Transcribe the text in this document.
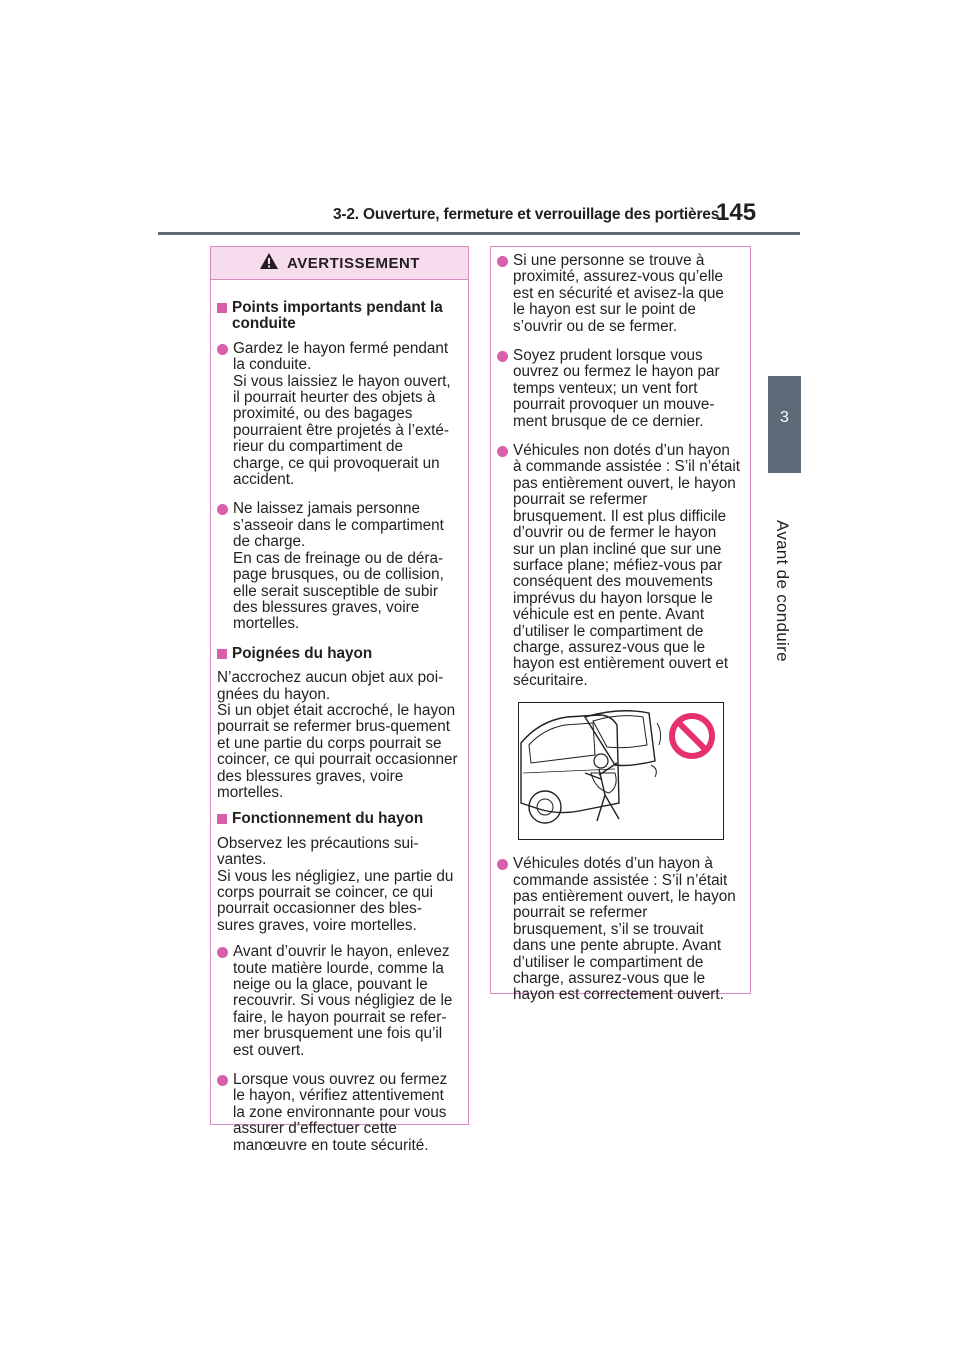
3-2. Ouverture, fermeture et verrouillage des portières
145
3
Avant de conduire
AVERTISSEMENT
Points importants pendant la conduite
Gardez le hayon fermé pendant la conduite.
Si vous laissiez le hayon ouvert, il pourrait heurter des objets à proximité, ou des bagages pourraient être projetés à l’exté-rieur du compartiment de charge, ce qui provoquerait un accident.
Ne laissez jamais personne s’asseoir dans le compartiment de charge.
En cas de freinage ou de déra-page brusques, ou de collision, elle serait susceptible de subir des blessures graves, voire mortelles.
Poignées du hayon
N’accrochez aucun objet aux poi-gnées du hayon.
Si un objet était accroché, le hayon pourrait se refermer brus-quement et une partie du corps pourrait se coincer, ce qui pourrait occasionner des blessures graves, voire mortelles.
Fonctionnement du hayon
Observez les précautions sui-vantes.
Si vous les négligiez, une partie du corps pourrait se coincer, ce qui pourrait occasionner des bles-sures graves, voire mortelles.
Avant d’ouvrir le hayon, enlevez toute matière lourde, comme la neige ou la glace, pouvant le recouvrir. Si vous négligiez de le faire, le hayon pourrait se refer-mer brusquement une fois qu’il est ouvert.
Lorsque vous ouvrez ou fermez le hayon, vérifiez attentivement la zone environnante pour vous assurer d’effectuer cette manœuvre en toute sécurité.
Si une personne se trouve à proximité, assurez-vous qu’elle est en sécurité et avisez-la que le hayon est sur le point de s’ouvrir ou de se fermer.
Soyez prudent lorsque vous ouvrez ou fermez le hayon par temps venteux; un vent fort pourrait provoquer un mouve-ment brusque de ce dernier.
Véhicules non dotés d’un hayon à commande assistée : S’il n’était pas entièrement ouvert, le hayon pourrait se refermer brusquement. Il est plus difficile d’ouvrir ou de fermer le hayon sur un plan incliné que sur une surface plane; méfiez-vous par conséquent des mouvements imprévus du hayon lorsque le véhicule est en pente. Avant d’utiliser le compartiment de charge, assurez-vous que le hayon est entièrement ouvert et sécuritaire.
Véhicules dotés d’un hayon à commande assistée : S’il n’était pas entièrement ouvert, le hayon pourrait se refermer brusquement, s’il se trouvait dans une pente abrupte. Avant d’utiliser le compartiment de charge, assurez-vous que le hayon est correctement ouvert.
